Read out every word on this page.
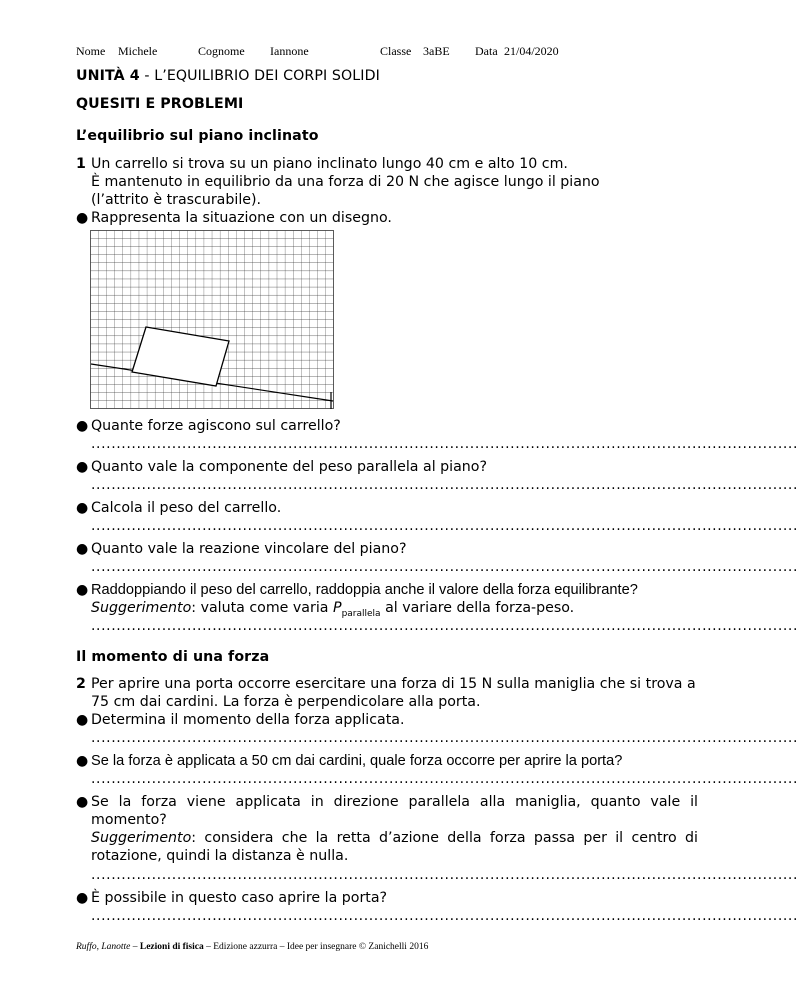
Nome Michele	Cognome Iannone	Classe 3aBE Data 21/04/2020
UNITÀ 4 - L’EQUILIBRIO DEI CORPI SOLIDI
QUESITI E PROBLEMI
L’equilibrio sul piano inclinato
1 Un carrello si trova su un piano inclinato lungo 40 cm e alto 10 cm.
È mantenuto in equilibrio da una forza di 20 N che agisce lungo il piano
(l’attrito è trascurabile).
● Rappresenta la situazione con un disegno.
● Quante forze agiscono sul carrello?
............................................................................................................................................
● Quanto vale la componente del peso parallela al piano?
............................................................................................................................................
● Calcola il peso del carrello.
............................................................................................................................................
● Quanto vale la reazione vincolare del piano?
............................................................................................................................................
● Raddoppiando il peso del carrello, raddoppia anche il valore della forza equilibrante?
Suggerimento: valuta come varia $P_{parallela}$ al variare della forza-peso.
............................................................................................................................................
Il momento di una forza
2 Per aprire una porta occorre esercitare una forza di 15 N sulla maniglia che si trova a 75 cm dai cardini. La forza è perpendicolare alla porta.
● Determina il momento della forza applicata.
............................................................................................................................................
● Se la forza è applicata a 50 cm dai cardini, quale forza occorre per aprire la porta?
............................................................................................................................................
● Se la forza viene applicata in direzione parallela alla maniglia, quanto vale il momento?
Suggerimento: considera che la retta d’azione della forza passa per il centro di rotazione, quindi la distanza è nulla.
............................................................................................................................................
● È possibile in questo caso aprire la porta?
............................................................................................................................................
Ruffo, Lanotte – Lezioni di fisica – Edizione azzurra – Idee per insegnare © Zanichelli 2016
